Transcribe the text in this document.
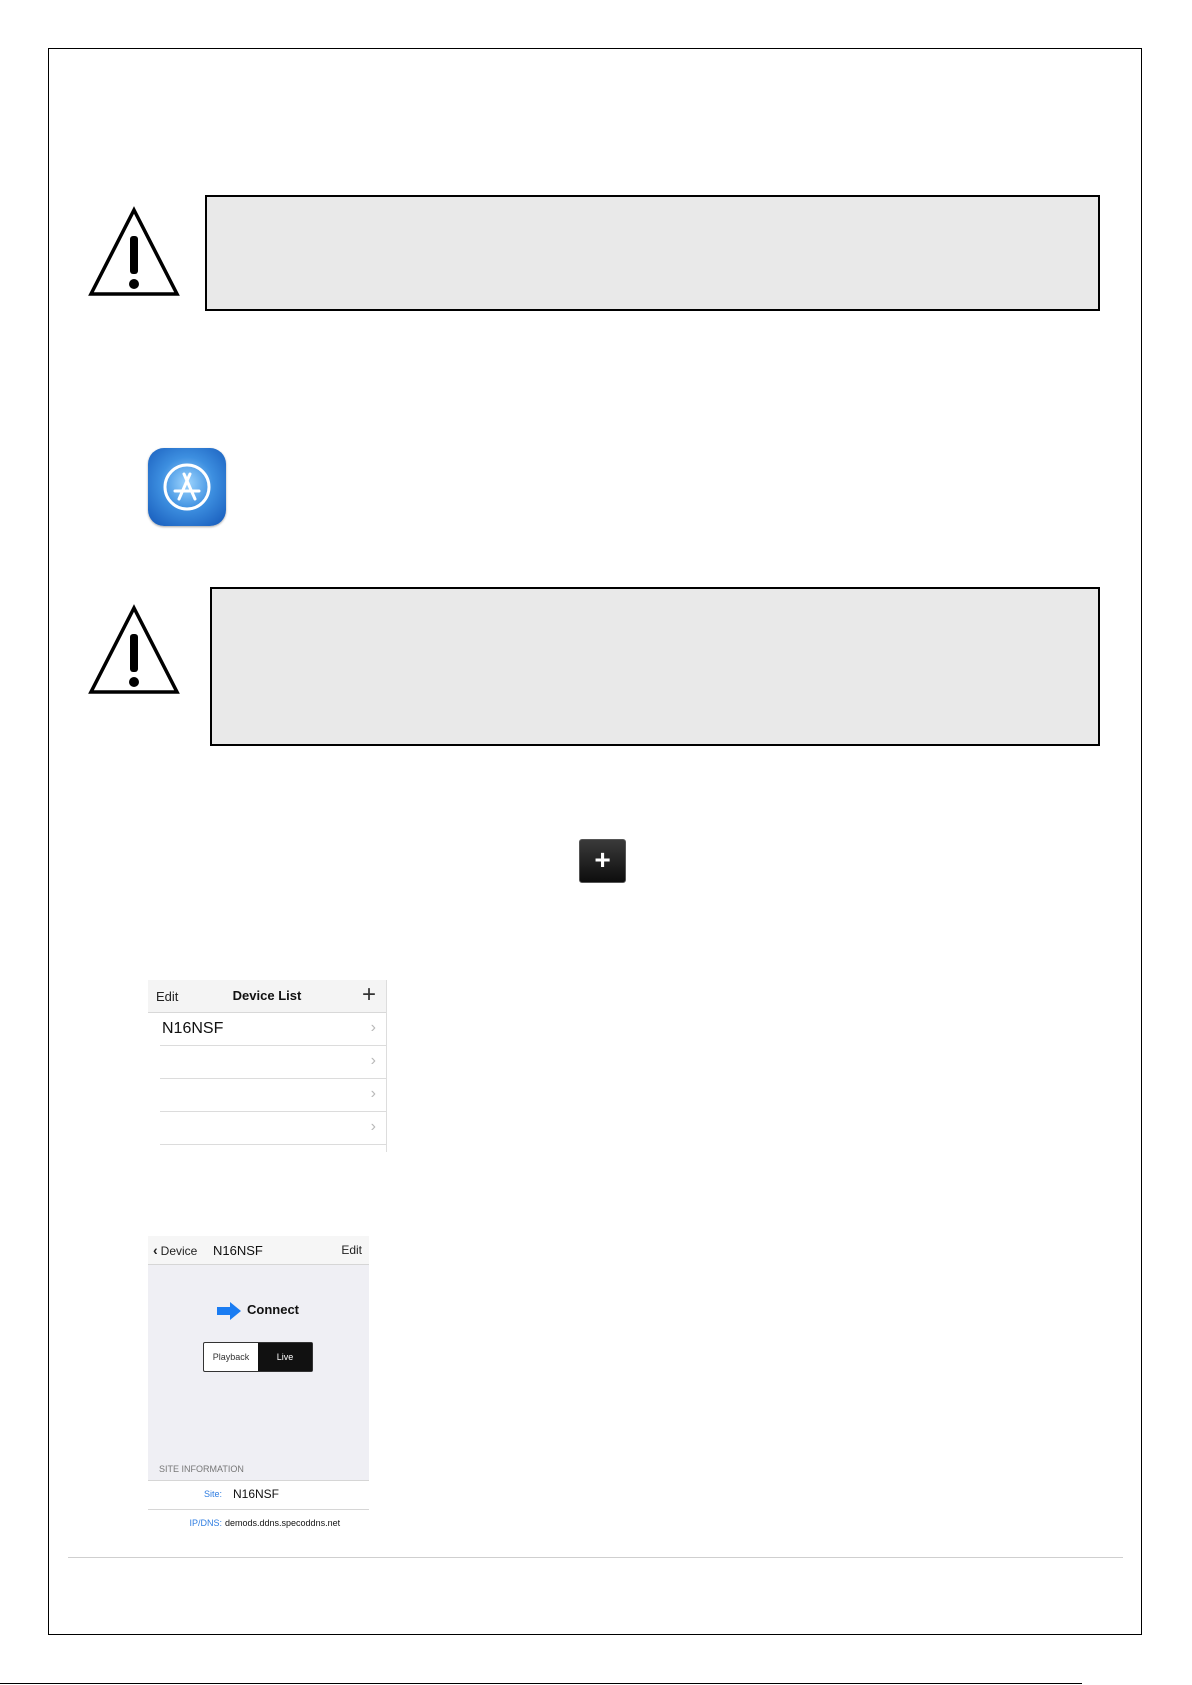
+
Edit	Device List	+
N16NSF	›
›
›
›
‹ Device N16NSF	Edit
Connect
Playback	Live
SITE INFORMATION
Site: N16NSF
IP/DNS: demods.ddns.specoddns.net
